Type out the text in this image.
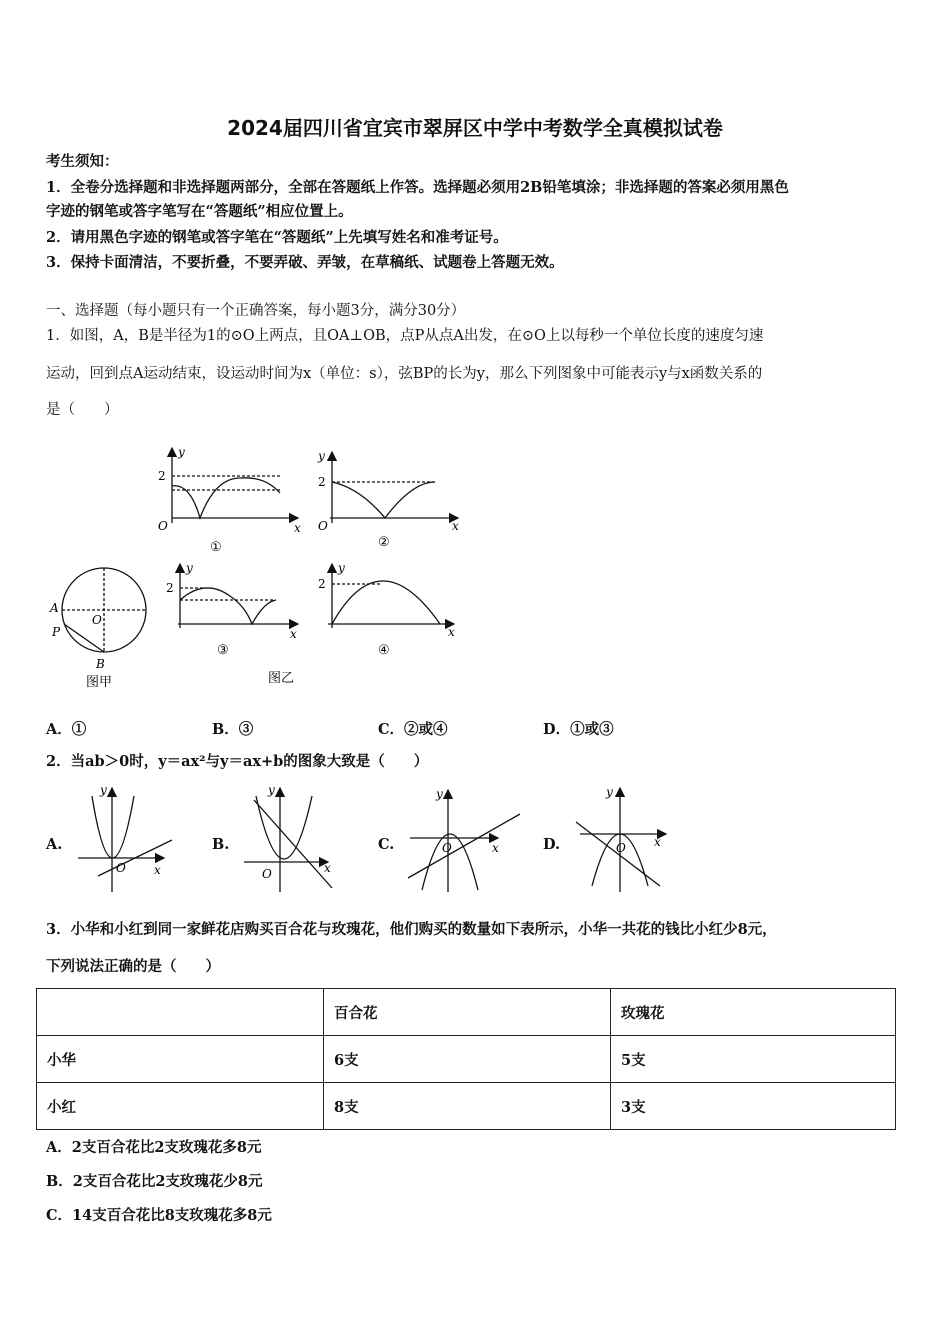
2024届四川省宜宾市翠屏区中学中考数学全真模拟试卷
考生须知：
1．全卷分选择题和非选择题两部分，全部在答题纸上作答。选择题必须用2B铅笔填涂；非选择题的答案必须用黑色
字迹的钢笔或答字笔写在“答题纸”相应位置上。
2．请用黑色字迹的钢笔或答字笔在“答题纸”上先填写姓名和准考证号。
3．保持卡面清洁，不要折叠，不要弄破、弄皱，在草稿纸、试题卷上答题无效。
一、选择题（每小题只有一个正确答案，每小题3分，满分30分）
1．如图，A，B是半径为1的⊙O上两点，且OA⊥OB，点P从点A出发，在⊙O上以每秒一个单位长度的速度匀速
运动，回到点A运动结束，设运动时间为x（单位：s），弦BP的长为y，那么下列图象中可能表示y与x函数关系的
是（　　）
y
2
O	x
①
y
2
O	x
②
A
P
O
B
图甲
y
2
x
③
y
2
x
④
图乙
A．①	B．③	C．②或④	D．①或③
2．当ab＞0时，y＝ax²与y＝ax+b的图象大致是（　　）
A.	B.	C.	D.
y
x
O
y
x
O
y
x
O
y
x
O
3．小华和小红到同一家鲜花店购买百合花与玫瑰花，他们购买的数量如下表所示，小华一共花的钱比小红少8元，
下列说法正确的是（　　）
	百合花	玫瑰花
小华	6支	5支
小红	8支	3支
A．2支百合花比2支玫瑰花多8元
B．2支百合花比2支玫瑰花少8元
C．14支百合花比8支玫瑰花多8元
